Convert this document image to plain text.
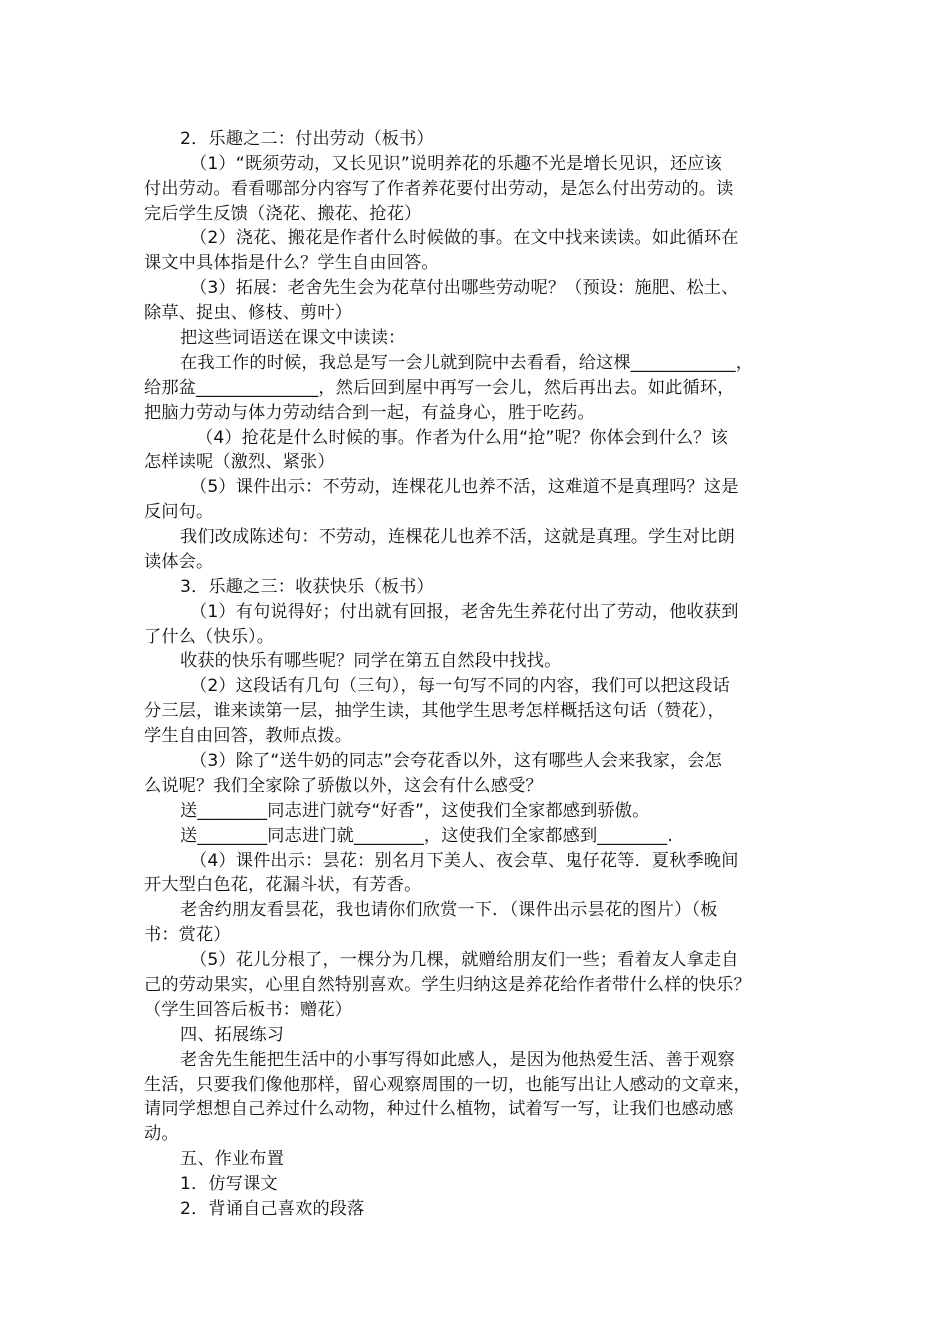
2．乐趣之二：付出劳动（板书）
（1）“既须劳动，又长见识”说明养花的乐趣不光是增长见识，还应该
付出劳动。看看哪部分内容写了作者养花要付出劳动，是怎么付出劳动的。读
完后学生反馈（浇花、搬花、抢花）
（2）浇花、搬花是作者什么时候做的事。在文中找来读读。如此循环在
课文中具体指是什么？学生自由回答。
（3）拓展：老舍先生会为花草付出哪些劳动呢？（预设：施肥、松土、
除草、捉虫、修枝、剪叶）
把这些词语送在课文中读读：
在我工作的时候，我总是写一会儿就到院中去看看，给这棵____________，
给那盆______________，然后回到屋中再写一会儿，然后再出去。如此循环，
把脑力劳动与体力劳动结合到一起，有益身心，胜于吃药。
（4）抢花是什么时候的事。作者为什么用“抢”呢？你体会到什么？该
怎样读呢（激烈、紧张）
（5）课件出示：不劳动，连棵花儿也养不活，这难道不是真理吗？这是
反问句。
我们改成陈述句：不劳动，连棵花儿也养不活，这就是真理。学生对比朗
读体会。
3．乐趣之三：收获快乐（板书）
（1）有句说得好；付出就有回报，老舍先生养花付出了劳动，他收获到
了什么（快乐）。
收获的快乐有哪些呢？同学在第五自然段中找找。
（2）这段话有几句（三句），每一句写不同的内容，我们可以把这段话
分三层，谁来读第一层，抽学生读，其他学生思考怎样概括这句话（赞花），
学生自由回答，教师点拨。
（3）除了“送牛奶的同志”会夸花香以外，这有哪些人会来我家，会怎
么说呢？我们全家除了骄傲以外，这会有什么感受？
送________同志进门就夸“好香”，这使我们全家都感到骄傲。
送________同志进门就________，这使我们全家都感到________.
（4）课件出示：昙花：别名月下美人、夜会草、鬼仔花等．夏秋季晚间
开大型白色花，花漏斗状，有芳香。
老舍约朋友看昙花，我也请你们欣赏一下．（课件出示昙花的图片）（板
书：赏花）
（5）花儿分根了，一棵分为几棵，就赠给朋友们一些；看着友人拿走自
己的劳动果实，心里自然特别喜欢。学生归纳这是养花给作者带什么样的快乐？
（学生回答后板书：赠花）
四、拓展练习
老舍先生能把生活中的小事写得如此感人，是因为他热爱生活、善于观察
生活，只要我们像他那样，留心观察周围的一切，也能写出让人感动的文章来，
请同学想想自己养过什么动物，种过什么植物，试着写一写，让我们也感动感
动。
五、作业布置
1．仿写课文
2．背诵自己喜欢的段落
